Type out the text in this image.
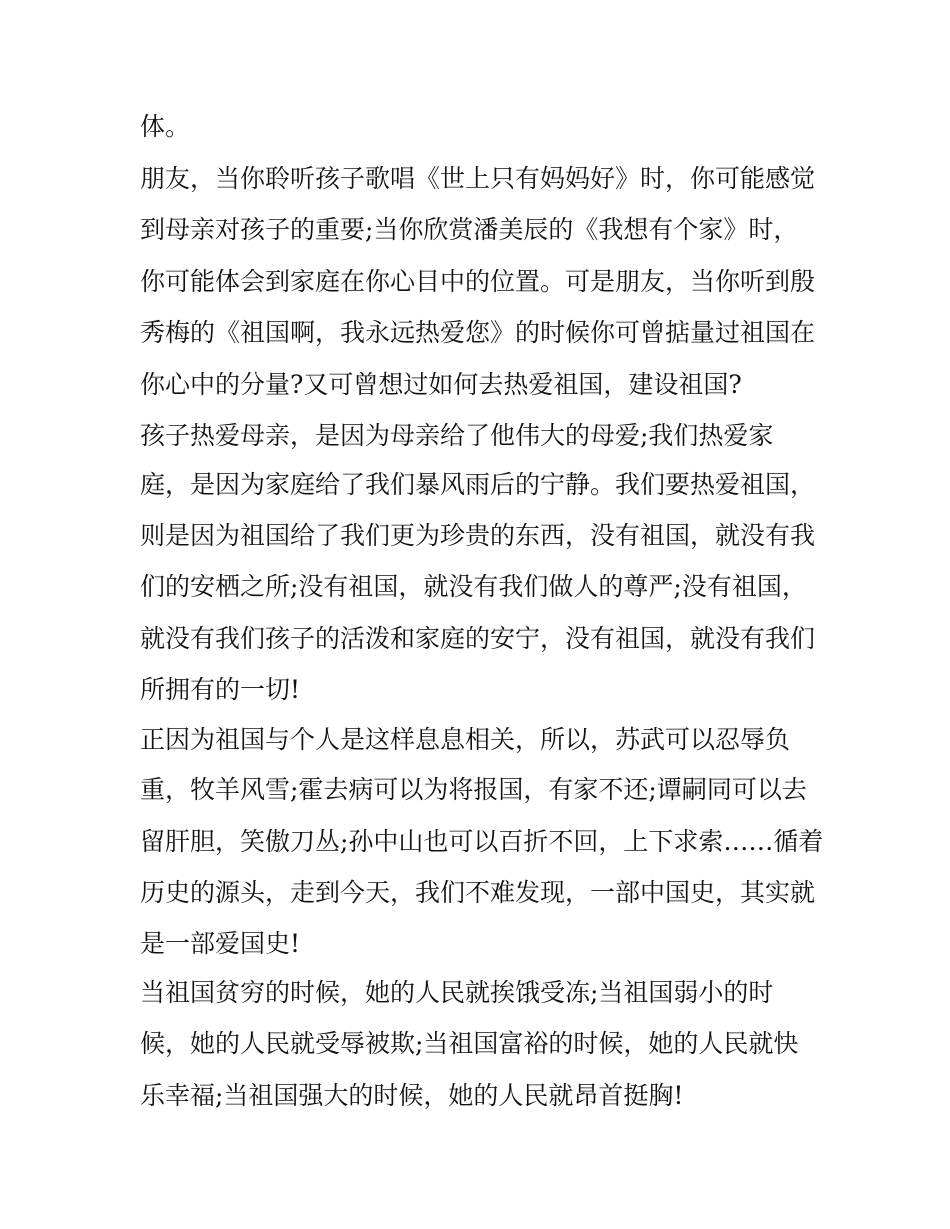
体。
朋友，当你聆听孩子歌唱《世上只有妈妈好》时，你可能感觉
到母亲对孩子的重要;当你欣赏潘美辰的《我想有个家》时，
你可能体会到家庭在你心目中的位置。可是朋友，当你听到殷
秀梅的《祖国啊，我永远热爱您》的时候你可曾掂量过祖国在
你心中的分量?又可曾想过如何去热爱祖国，建设祖国?
孩子热爱母亲，是因为母亲给了他伟大的母爱;我们热爱家
庭，是因为家庭给了我们暴风雨后的宁静。我们要热爱祖国，
则是因为祖国给了我们更为珍贵的东西，没有祖国，就没有我
们的安栖之所;没有祖国，就没有我们做人的尊严;没有祖国，
就没有我们孩子的活泼和家庭的安宁，没有祖国，就没有我们
所拥有的一切!
正因为祖国与个人是这样息息相关，所以，苏武可以忍辱负
重，牧羊风雪;霍去病可以为将报国，有家不还;谭嗣同可以去
留肝胆，笑傲刀丛;孙中山也可以百折不回，上下求索……循着
历史的源头，走到今天，我们不难发现，一部中国史，其实就
是一部爱国史!
当祖国贫穷的时候，她的人民就挨饿受冻;当祖国弱小的时
候，她的人民就受辱被欺;当祖国富裕的时候，她的人民就快
乐幸福;当祖国强大的时候，她的人民就昂首挺胸!
